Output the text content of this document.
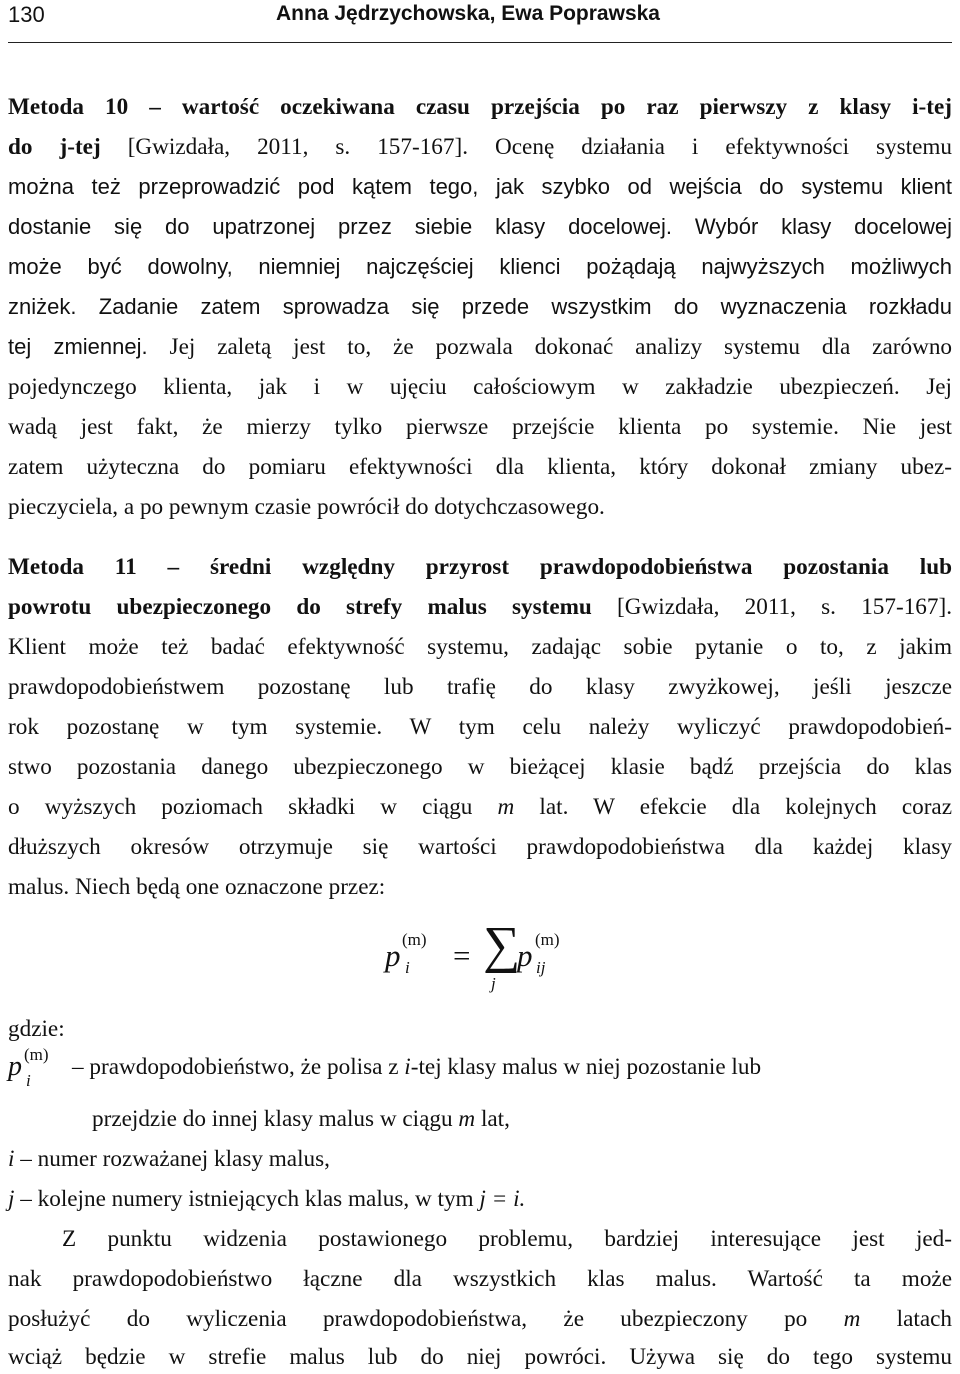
130	Anna Jędrzychowska, Ewa Poprawska
Metoda 10 – wartość oczekiwana czasu przejścia po raz pierwszy z klasy i-tej
do j-tej [Gwizdała, 2011, s. 157-167]. Ocenę działania i efektywności systemu
można też przeprowadzić pod kątem tego, jak szybko od wejścia do systemu klient
dostanie się do upatrzonej przez siebie klasy docelowej. Wybór klasy docelowej
może być dowolny, niemniej najczęściej klienci pożądają najwyższych możliwych
zniżek. Zadanie zatem sprowadza się przede wszystkim do wyznaczenia rozkładu
tej zmiennej. Jej zaletą jest to, że pozwala dokonać analizy systemu dla zarówno
pojedynczego klienta, jak i w ujęciu całościowym w zakładzie ubezpieczeń. Jej
wadą jest fakt, że mierzy tylko pierwsze przejście klienta po systemie. Nie jest
zatem użyteczna do pomiaru efektywności dla klienta, który dokonał zmiany ubez-
pieczyciela, a po pewnym czasie powrócił do dotychczasowego.
Metoda 11 – średni względny przyrost prawdopodobieństwa pozostania lub
powrotu ubezpieczonego do strefy malus systemu [Gwizdała, 2011, s. 157-167].
Klient może też badać efektywność systemu, zadając sobie pytanie o to, z jakim
prawdopodobieństwem pozostanę lub trafię do klasy zwyżkowej, jeśli jeszcze
rok pozostanę w tym systemie. W tym celu należy wyliczyć prawdopodobień-
stwo pozostania danego ubezpieczonego w bieżącej klasie bądź przejścia do klas
o wyższych poziomach składki w ciągu m lat. W efekcie dla kolejnych coraz
dłuższych okresów otrzymuje się wartości prawdopodobieństwa dla każdej klasy
malus. Niech będą one oznaczone przez:
p (m)
i = ∑
j
p (m)
ij
gdzie:
p (m)
i
– prawdopodobieństwo, że polisa z i-tej klasy malus w niej pozostanie lub
przejdzie do innej klasy malus w ciągu m lat,
i – numer rozważanej klasy malus,
j – kolejne numery istniejących klas malus, w tym j = i.
Z punktu widzenia postawionego problemu, bardziej interesujące jest jed-
nak prawdopodobieństwo łączne dla wszystkich klas malus. Wartość ta może
posłużyć do wyliczenia prawdopodobieństwa, że ubezpieczony po m latach
wciąż będzie w strefie malus lub do niej powróci. Używa się do tego systemu
